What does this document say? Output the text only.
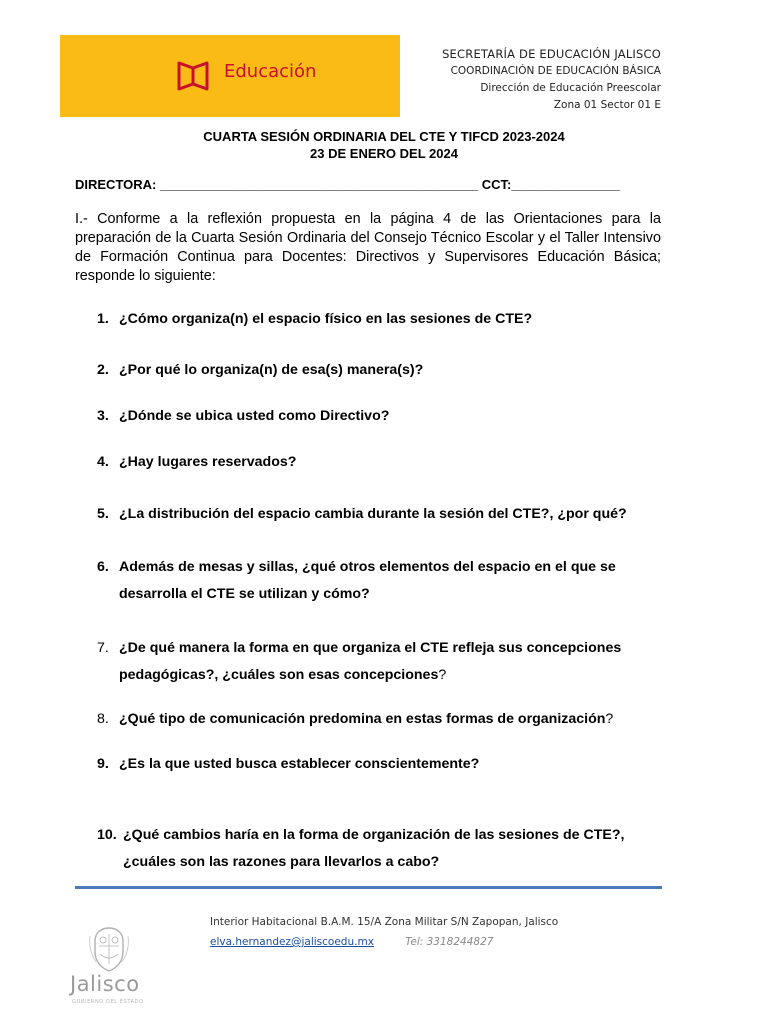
Educación
SECRETARÍA DE EDUCACIÓN JALISCO
COORDINACIÓN DE EDUCACIÓN BÁSICA
Dirección de Educación Preescolar
Zona 01 Sector 01 E
CUARTA SESIÓN ORDINARIA DEL CTE Y TIFCD 2023-2024
23 DE ENERO DEL 2024
DIRECTORA: ____________________________________________ CCT:_______________
I.- Conforme a la reflexión propuesta en la página 4 de las Orientaciones para la preparación de la Cuarta Sesión Ordinaria del Consejo Técnico Escolar y el Taller Intensivo de Formación Continua para Docentes: Directivos y Supervisores Educación Básica; responde lo siguiente:
1. ¿Cómo organiza(n) el espacio físico en las sesiones de CTE?
2. ¿Por qué lo organiza(n) de esa(s) manera(s)?
3. ¿Dónde se ubica usted como Directivo?
4. ¿Hay lugares reservados?
5. ¿La distribución del espacio cambia durante la sesión del CTE?, ¿por qué?
6. Además de mesas y sillas, ¿qué otros elementos del espacio en el que se desarrolla el CTE se utilizan y cómo?
7. ¿De qué manera la forma en que organiza el CTE refleja sus concepciones pedagógicas?, ¿cuáles son esas concepciones?
8. ¿Qué tipo de comunicación predomina en estas formas de organización?
9. ¿Es la que usted busca establecer conscientemente?
10. ¿Qué cambios haría en la forma de organización de las sesiones de CTE?, ¿cuáles son las razones para llevarlos a cabo?
Interior Habitacional B.A.M. 15/A Zona Militar S/N Zapopan, Jalisco
elva.hernandez@jaliscoedu.mx	Tel: 3318244827
Jalisco
GOBIERNO DEL ESTADO
